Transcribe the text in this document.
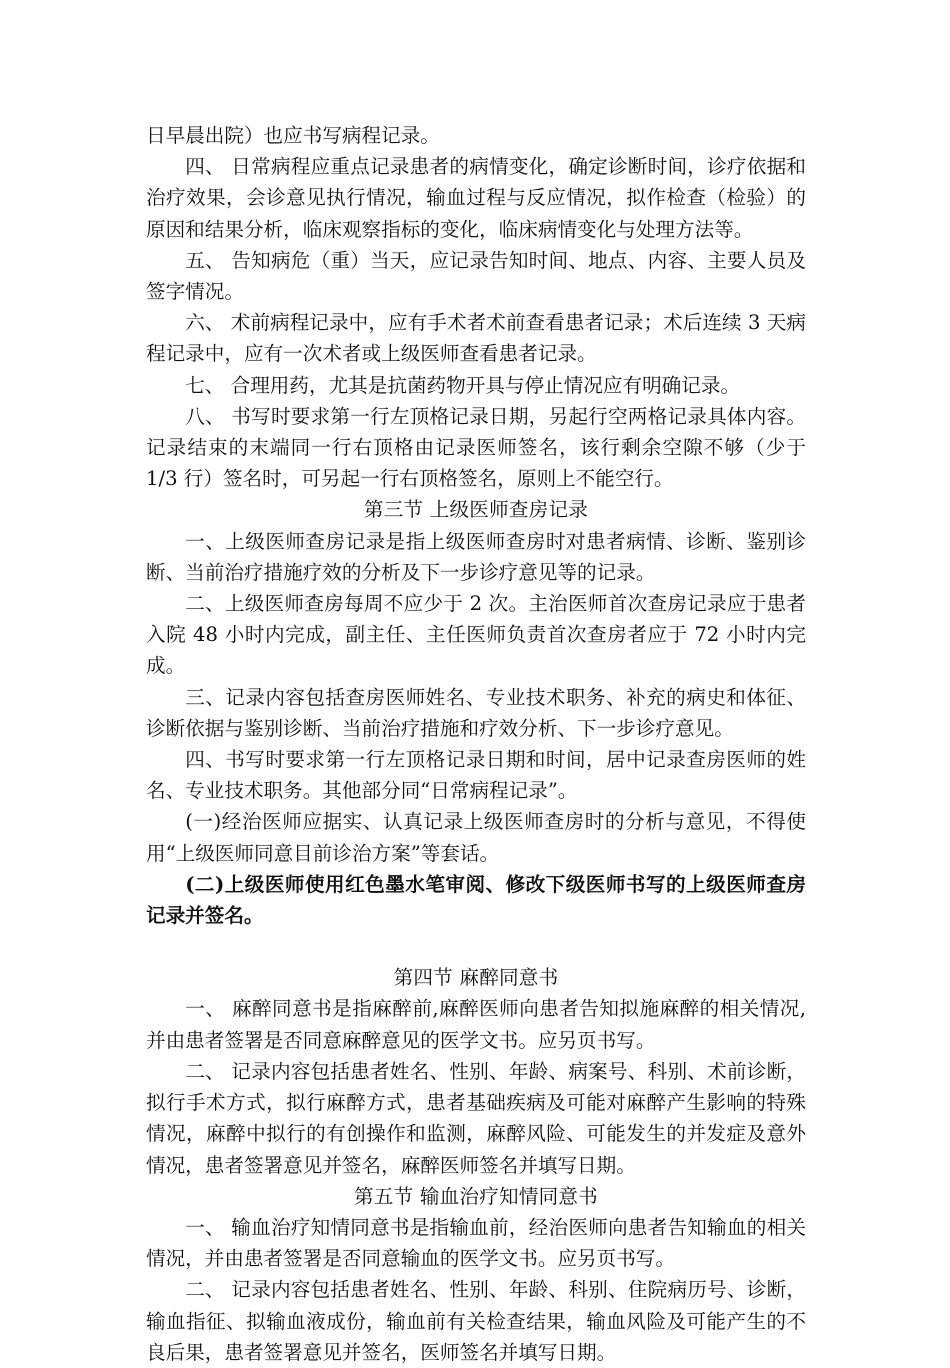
日早晨出院）也应书写病程记录。

四、 日常病程应重点记录患者的病情变化，确定诊断时间，诊疗依据和治疗效果，会诊意见执行情况，输血过程与反应情况，拟作检查（检验）的原因和结果分析，临床观察指标的变化，临床病情变化与处理方法等。

五、 告知病危（重）当天，应记录告知时间、地点、内容、主要人员及签字情况。

六、 术前病程记录中，应有手术者术前查看患者记录；术后连续 3 天病程记录中，应有一次术者或上级医师查看患者记录。

七、 合理用药，尤其是抗菌药物开具与停止情况应有明确记录。

八、 书写时要求第一行左顶格记录日期，另起行空两格记录具体内容。记录结束的末端同一行右顶格由记录医师签名，该行剩余空隙不够（少于 1/3 行）签名时，可另起一行右顶格签名，原则上不能空行。

第三节 上级医师查房记录

一、上级医师查房记录是指上级医师查房时对患者病情、诊断、鉴别诊断、当前治疗措施疗效的分析及下一步诊疗意见等的记录。

二、上级医师查房每周不应少于 2 次。主治医师首次查房记录应于患者入院 48 小时内完成，副主任、主任医师负责首次查房者应于 72 小时内完成。

三、记录内容包括查房医师姓名、专业技术职务、补充的病史和体征、诊断依据与鉴别诊断、当前治疗措施和疗效分析、下一步诊疗意见。

四、书写时要求第一行左顶格记录日期和时间，居中记录查房医师的姓名、专业技术职务。其他部分同“日常病程记录”。

(一)经治医师应据实、认真记录上级医师查房时的分析与意见，不得使用“上级医师同意目前诊治方案”等套话。

(二)上级医师使用红色墨水笔审阅、修改下级医师书写的上级医师查房记录并签名。

第四节 麻醉同意书

一、 麻醉同意书是指麻醉前,麻醉医师向患者告知拟施麻醉的相关情况,并由患者签署是否同意麻醉意见的医学文书。应另页书写。

二、 记录内容包括患者姓名、性别、年龄、病案号、科别、术前诊断，拟行手术方式，拟行麻醉方式，患者基础疾病及可能对麻醉产生影响的特殊情况，麻醉中拟行的有创操作和监测，麻醉风险、可能发生的并发症及意外情况，患者签署意见并签名，麻醉医师签名并填写日期。

第五节 输血治疗知情同意书

一、 输血治疗知情同意书是指输血前，经治医师向患者告知输血的相关情况，并由患者签署是否同意输血的医学文书。应另页书写。

二、 记录内容包括患者姓名、性别、年龄、科别、住院病历号、诊断，输血指征、拟输血液成份，输血前有关检查结果，输血风险及可能产生的不良后果，患者签署意见并签名，医师签名并填写日期。
